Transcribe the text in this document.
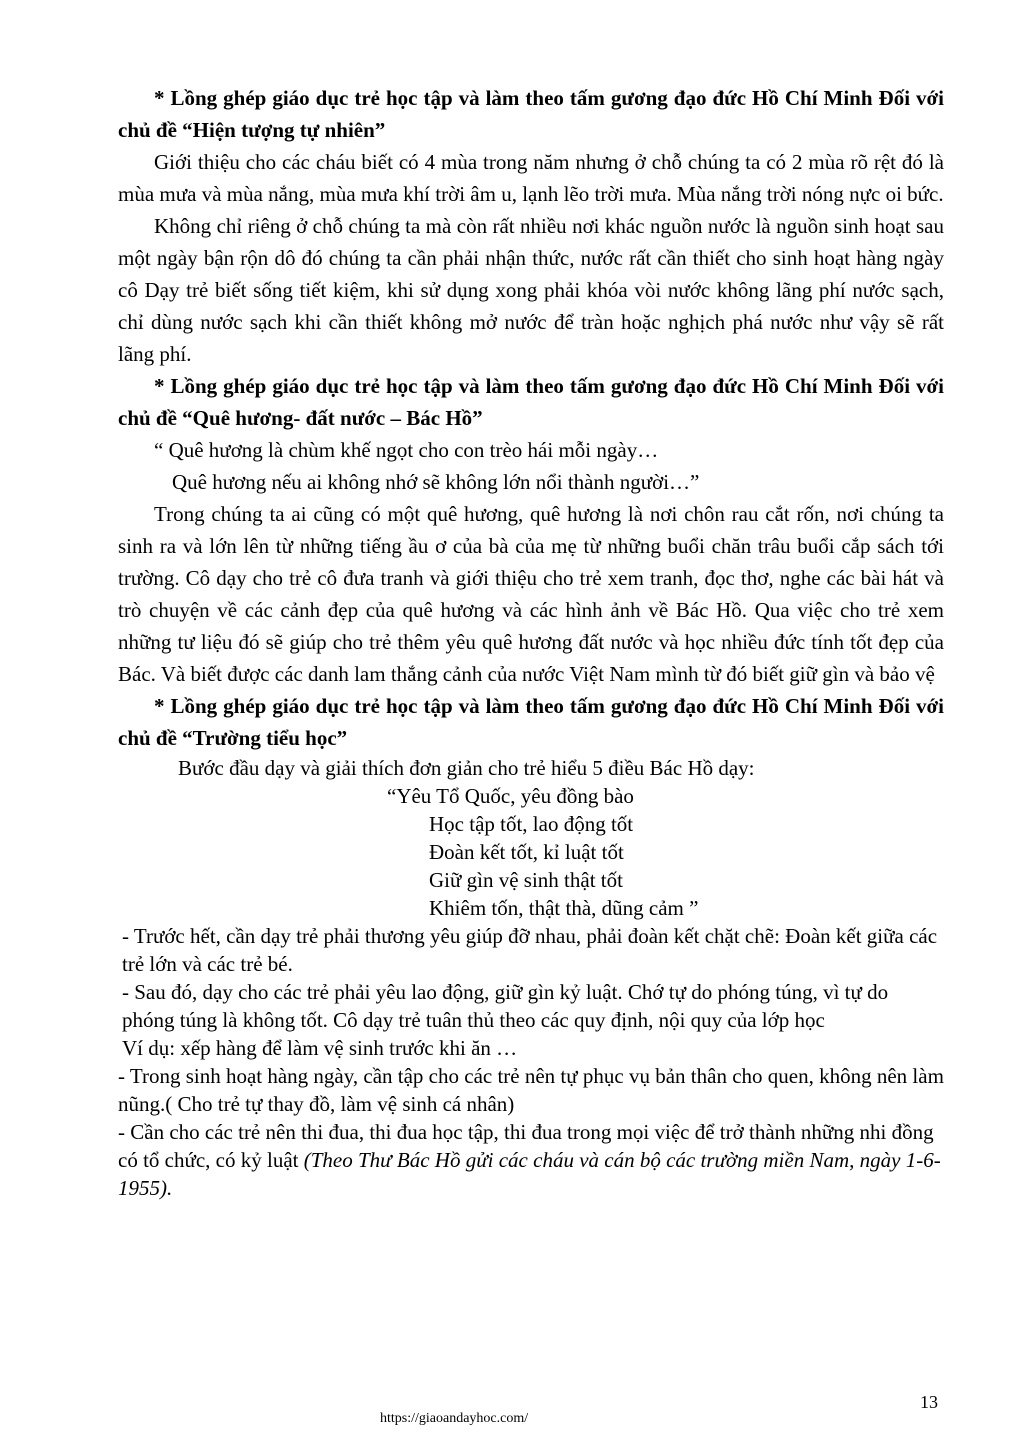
* Lồng ghép giáo dục trẻ học tập và làm theo tấm gương đạo đức Hồ Chí Minh Đối với chủ đề “Hiện tượng tự nhiên”

Giới thiệu cho các cháu biết có 4 mùa trong năm nhưng ở chỗ chúng ta có 2 mùa rõ rệt đó là mùa mưa và mùa nắng, mùa mưa khí trời âm u, lạnh lẽo trời mưa. Mùa nắng trời nóng nực oi bức.

Không chỉ riêng ở chỗ chúng ta mà còn rất nhiều nơi khác nguồn nước là nguồn sinh hoạt sau một ngày bận rộn dô đó chúng ta cần phải nhận thức, nước rất cần thiết cho sinh hoạt hàng ngày cô Dạy trẻ biết sống tiết kiệm, khi sử dụng xong phải khóa vòi nước không lãng phí nước sạch, chỉ dùng nước sạch khi cần thiết không mở nước để tràn hoặc nghịch phá nước như vậy sẽ rất lãng phí.

* Lồng ghép giáo dục trẻ học tập và làm theo tấm gương đạo đức Hồ Chí Minh Đối với chủ đề “Quê hương- đất nước – Bác Hồ”

“ Quê hương là chùm khế ngọt cho con trèo hái mỗi ngày…

Quê hương nếu ai không nhớ sẽ không lớn nổi thành người…”

Trong chúng ta ai cũng có một quê hương, quê hương là nơi chôn rau cắt rốn, nơi chúng ta sinh ra và lớn lên từ những tiếng ầu ơ của bà của mẹ từ những buổi chăn trâu buổi cắp sách tới trường. Cô dạy cho trẻ cô đưa tranh và giới thiệu cho trẻ xem tranh, đọc thơ, nghe các bài hát và trò chuyện về các cảnh đẹp của quê hương và các hình ảnh về Bác Hồ. Qua việc cho trẻ xem những tư liệu đó sẽ giúp cho trẻ thêm yêu quê hương đất nước và học nhiều đức tính tốt đẹp của Bác. Và biết được các danh lam thắng cảnh của nước Việt Nam mình từ đó biết giữ gìn và bảo vệ

* Lồng ghép giáo dục trẻ học tập và làm theo tấm gương đạo đức Hồ Chí Minh Đối với chủ đề “Trường tiểu học”

Bước đầu dạy và giải thích đơn giản cho trẻ hiểu 5 điều Bác Hồ dạy:

“Yêu Tổ Quốc, yêu đồng bào

Học tập tốt, lao động tốt

Đoàn kết tốt, kỉ luật tốt

Giữ gìn vệ sinh thật tốt

Khiêm tốn, thật thà, dũng cảm ”

- Trước hết, cần dạy trẻ phải thương yêu giúp đỡ nhau, phải đoàn kết chặt chẽ: Đoàn kết giữa các trẻ lớn và các trẻ bé.

- Sau đó, dạy cho các trẻ phải yêu lao động, giữ gìn kỷ luật. Chớ tự do phóng túng, vì tự do phóng túng là không tốt. Cô dạy trẻ tuân thủ theo các quy định, nội quy của lớp học

Ví dụ: xếp hàng để làm vệ sinh trước khi ăn …

- Trong sinh hoạt hàng ngày, cần tập cho các trẻ nên tự phục vụ bản thân cho quen, không nên làm nũng.( Cho trẻ tự thay đồ, làm vệ sinh cá nhân)

- Cần cho các trẻ nên thi đua, thi đua học tập, thi đua trong mọi việc để trở thành những nhi đồng có tổ chức, có kỷ luật (Theo Thư Bác Hồ gửi các cháu và cán bộ các trường miền Nam, ngày 1-6-1955).

13
https://giaoandayhoc.com/
